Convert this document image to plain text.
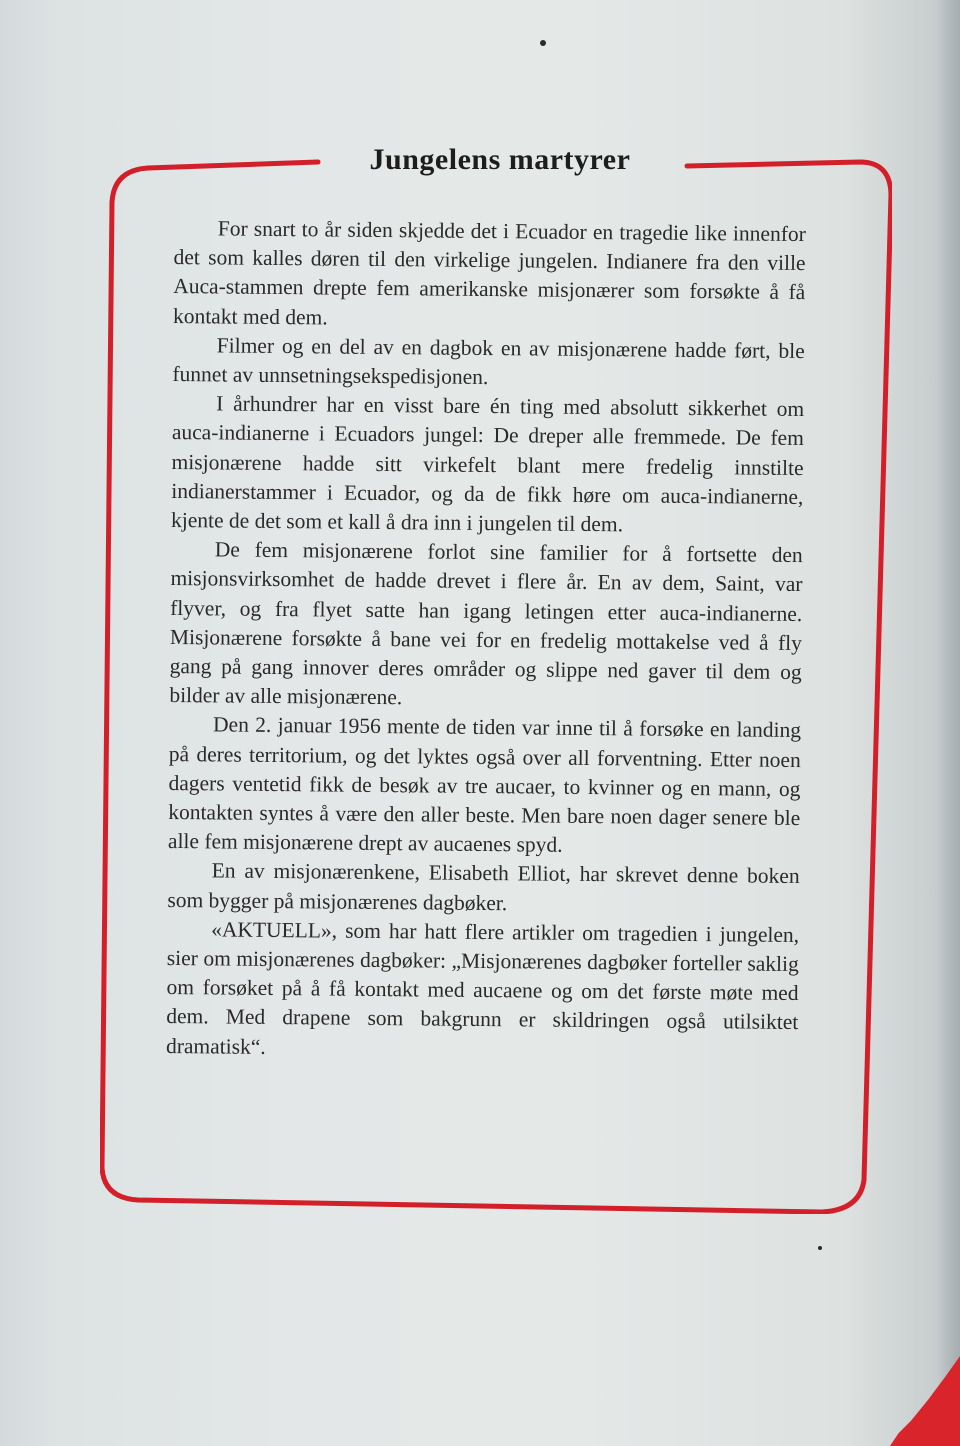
Jungelens martyrer

For snart to år siden skjedde det i Ecuador en tragedie like innenfor det som kalles døren til den virkelige jungelen. Indianere fra den ville Auca-stammen drepte fem amerikanske misjonærer som forsøkte å få kontakt med dem.

Filmer og en del av en dagbok en av misjonærene hadde ført, ble funnet av unnsetningsekspedisjonen.

I århundrer har en visst bare én ting med absolutt sikkerhet om auca-indianerne i Ecuadors jungel: De dreper alle fremmede. De fem misjonærene hadde sitt virkefelt blant mere fredelig innstilte indianerstammer i Ecuador, og da de fikk høre om auca-indianerne, kjente de det som et kall å dra inn i jungelen til dem.

De fem misjonærene forlot sine familier for å fortsette den misjonsvirksomhet de hadde drevet i flere år. En av dem, Saint, var flyver, og fra flyet satte han igang letingen etter auca-indianerne. Misjonærene forsøkte å bane vei for en fredelig mottakelse ved å fly gang på gang innover deres områder og slippe ned gaver til dem og bilder av alle misjonærene.

Den 2. januar 1956 mente de tiden var inne til å forsøke en landing på deres territorium, og det lyktes også over all forventning. Etter noen dagers ventetid fikk de besøk av tre aucaer, to kvinner og en mann, og kontakten syntes å være den aller beste. Men bare noen dager senere ble alle fem misjonærene drept av aucaenes spyd.

En av misjonærenkene, Elisabeth Elliot, har skrevet denne boken som bygger på misjonærenes dagbøker.

«AKTUELL», som har hatt flere artikler om tragedien i jungelen, sier om misjonærenes dagbøker: „Misjonærenes dagbøker forteller saklig om forsøket på å få kontakt med aucaene og om det første møte med dem. Med drapene som bakgrunn er skildringen også utilsiktet dramatisk“.
